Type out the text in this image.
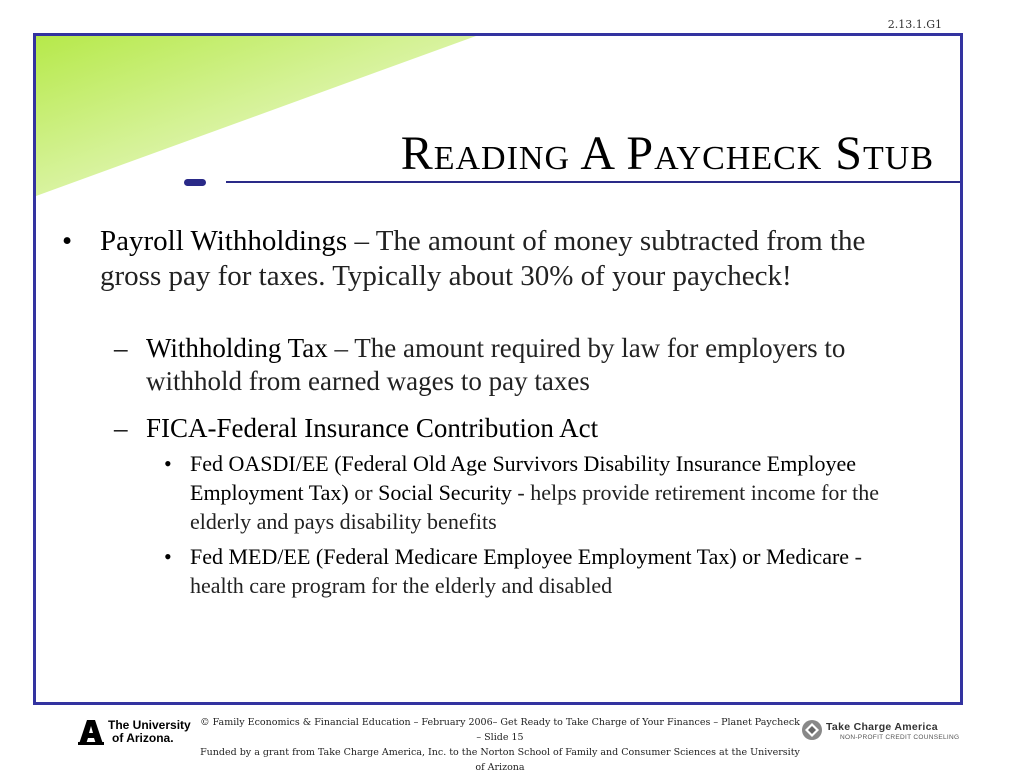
2.13.1.G1
Reading A Paycheck Stub
• Payroll Withholdings – The amount of money subtracted from the gross pay for taxes. Typically about 30% of your paycheck!
– Withholding Tax – The amount required by law for employers to withhold from earned wages to pay taxes
– FICA-Federal Insurance Contribution Act
• Fed OASDI/EE (Federal Old Age Survivors Disability Insurance Employee Employment Tax) or Social Security - helps provide retirement income for the elderly and pays disability benefits
• Fed MED/EE (Federal Medicare Employee Employment Tax) or Medicare - health care program for the elderly and disabled
The University
of Arizona.
© Family Economics & Financial Education – February 2006– Get Ready to Take Charge of Your Finances – Planet Paycheck – Slide 15
Funded by a grant from Take Charge America, Inc. to the Norton School of Family and Consumer Sciences at the University of Arizona
Take Charge America
NON-PROFIT CREDIT COUNSELING
